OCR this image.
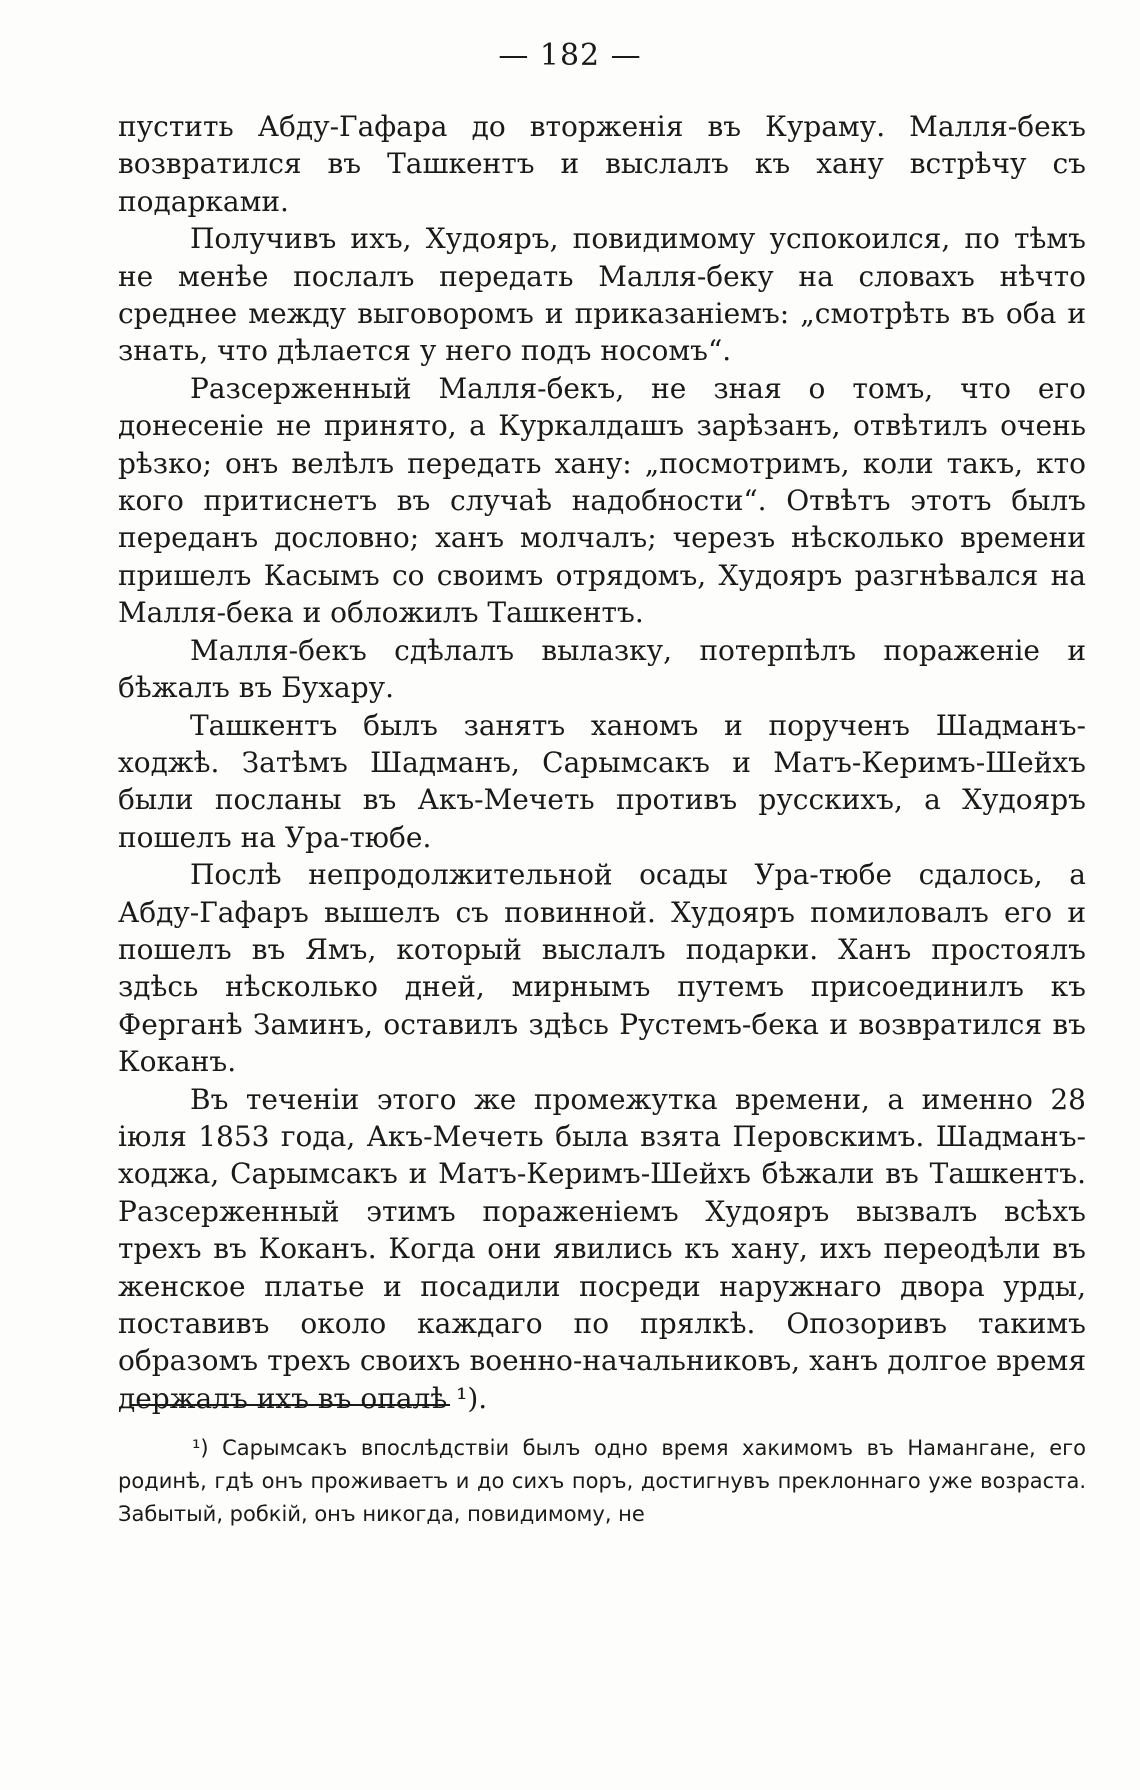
— 182 —

пустить Абду-Гафара до вторженія въ Кураму. Малля-бекъ возвратился въ Ташкентъ и выслалъ къ хану встрѣчу съ подарками.

Получивъ ихъ, Худояръ, повидимому успокоился, по тѣмъ не менѣе послалъ передать Малля-беку на словахъ нѣчто среднее между выговоромъ и приказаніемъ: „смотрѣть въ оба и знать, что дѣлается у него подъ носомъ“.

Разсерженный Малля-бекъ, не зная о томъ, что его донесеніе не принято, а Куркалдашъ зарѣзанъ, отвѣтилъ очень рѣзко; онъ велѣлъ передать хану: „посмотримъ, коли такъ, кто кого притиснетъ въ случаѣ надобности“. Отвѣтъ этотъ былъ переданъ дословно; ханъ молчалъ; черезъ нѣсколько времени пришелъ Касымъ со своимъ отрядомъ, Худояръ разгнѣвался на Малля-бека и обложилъ Ташкентъ.

Малля-бекъ сдѣлалъ вылазку, потерпѣлъ пораженіе и бѣжалъ въ Бухару.

Ташкентъ былъ занятъ ханомъ и порученъ Шадманъ-ходжѣ. Затѣмъ Шадманъ, Сарымсакъ и Матъ-Керимъ-Шейхъ были посланы въ Акъ-Мечеть противъ русскихъ, а Худояръ пошелъ на Ура-тюбе.

Послѣ непродолжительной осады Ура-тюбе сдалось, а Абду-Гафаръ вышелъ съ повинной. Худояръ помиловалъ его и пошелъ въ Ямъ, который выслалъ подарки. Ханъ простоялъ здѣсь нѣсколько дней, мирнымъ путемъ присоединилъ къ Ферганѣ Заминъ, оставилъ здѣсь Рустемъ-бека и возвратился въ Коканъ.

Въ теченіи этого же промежутка времени, а именно 28 іюля 1853 года, Акъ-Мечеть была взята Перовскимъ. Шадманъ-ходжа, Сарымсакъ и Матъ-Керимъ-Шейхъ бѣжали въ Ташкентъ. Разсерженный этимъ пораженіемъ Худояръ вызвалъ всѣхъ трехъ въ Коканъ. Когда они явились къ хану, ихъ переодѣли въ женское платье и посадили посреди наружнаго двора урды, поставивъ около каждаго по прялкѣ. Опозоривъ такимъ образомъ трехъ своихъ военно-начальниковъ, ханъ долгое время держалъ ихъ въ опалѣ ¹).

¹) Сарымсакъ впослѣдствіи былъ одно время хакимомъ въ Намангане, его родинѣ, гдѣ онъ проживаетъ и до сихъ поръ, достигнувъ преклоннаго уже возраста. Забытый, робкій, онъ никогда, повидимому, не
